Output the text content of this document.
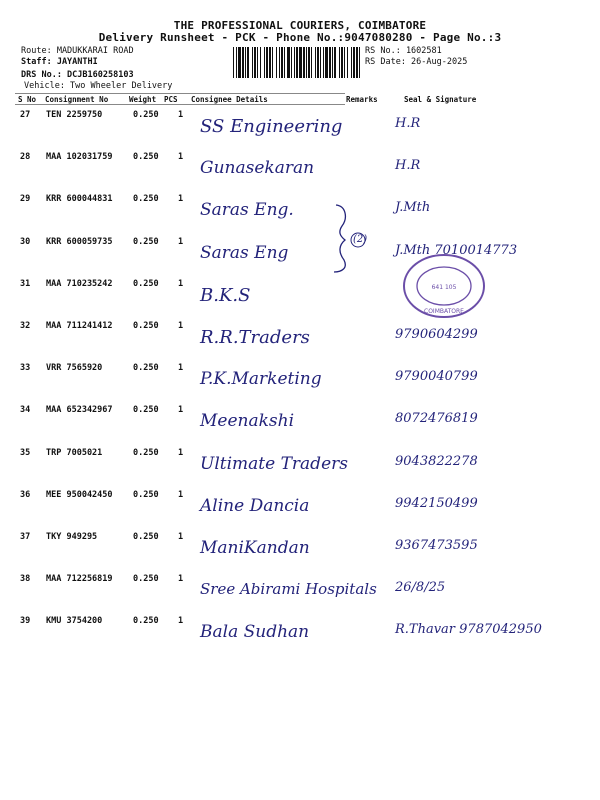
THE PROFESSIONAL COURIERS, COIMBATORE
Delivery Runsheet - PCK - Phone No.:9047080280 - Page No.:3
Route: MADUKKARAI ROAD
Staff: JAYANTHI
DRS No.: DCJB160258103
Vehicle: Two Wheeler Delivery
RS No.: 1602581
RS Date: 26-Aug-2025
S No Consignment No	Weight PCS Consignee Details	Remarks	Seal & Signature
27 TEN 2259750	0.250 1
SS Engineering	H.R
28 MAA 102031759 0.250 1
Gunasekaran	H.R
29 KRR 600044831 0.250 1
Saras Eng.	J.Mth
30 KRR 600059735 0.250 1
Saras Eng	J.Mth 7010014773
31 MAA 710235242 0.250 1
B.K.S
32 MAA 711241412 0.250 1
R.R.Traders	9790604299
33 VRR 7565920	0.250 1
P.K.Marketing	9790040799
34 MAA 652342967 0.250 1
Meenakshi	8072476819
35 TRP 7005021	0.250 1
Ultimate Traders	9043822278
36 MEE 950042450 0.250 1
Aline Dancia	9942150499
37 TKY 949295	0.250 1
ManiKandan	9367473595
38 MAA 712256819 0.250 1
Sree Abirami Hospitals 26/8/25
39 KMU 3754200	0.250 1
Bala Sudhan	R.Thavar 9787042950
641 105
COIMBATORE
(2)
